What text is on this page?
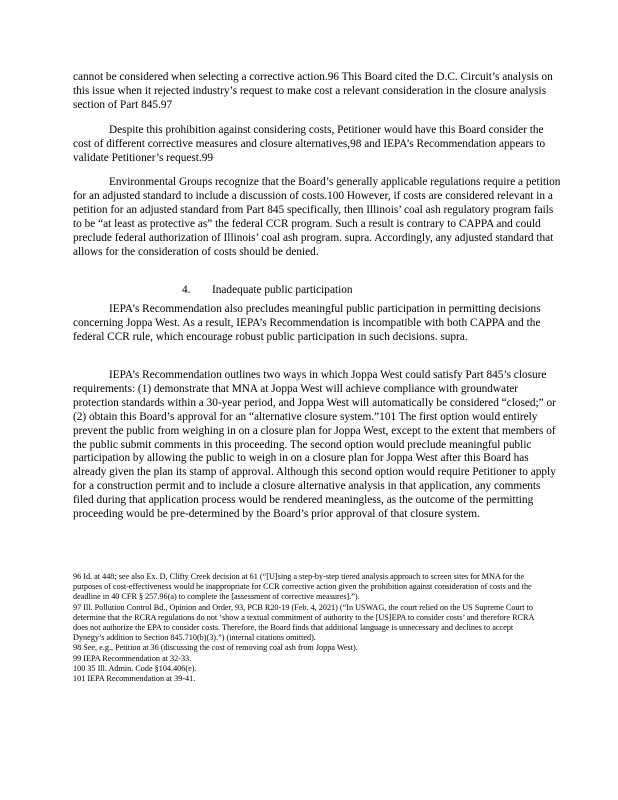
cannot be considered when selecting a corrective action.96 This Board cited the D.C. Circuit’s analysis on this issue when it rejected industry’s request to make cost a relevant consideration in the closure analysis section of Part 845.97

Despite this prohibition against considering costs, Petitioner would have this Board consider the cost of different corrective measures and closure alternatives,98 and IEPA’s Recommendation appears to validate Petitioner’s request.99

Environmental Groups recognize that the Board’s generally applicable regulations require a petition for an adjusted standard to include a discussion of costs.100 However, if costs are considered relevant in a petition for an adjusted standard from Part 845 specifically, then Illinois’ coal ash regulatory program fails to be “at least as protective as” the federal CCR program. Such a result is contrary to CAPPA and could preclude federal authorization of Illinois’ coal ash program. supra. Accordingly, any adjusted standard that allows for the consideration of costs should be denied.

4. Inadequate public participation

IEPA’s Recommendation also precludes meaningful public participation in permitting decisions concerning Joppa West. As a result, IEPA’s Recommendation is incompatible with both CAPPA and the federal CCR rule, which encourage robust public participation in such decisions. supra.

IEPA’s Recommendation outlines two ways in which Joppa West could satisfy Part 845’s closure requirements: (1) demonstrate that MNA at Joppa West will achieve compliance with groundwater protection standards within a 30-year period, and Joppa West will automatically be considered “closed;” or (2) obtain this Board’s approval for an “alternative closure system.”101 The first option would entirely prevent the public from weighing in on a closure plan for Joppa West, except to the extent that members of the public submit comments in this proceeding. The second option would preclude meaningful public participation by allowing the public to weigh in on a closure plan for Joppa West after this Board has already given the plan its stamp of approval. Although this second option would require Petitioner to apply for a construction permit and to include a closure alternative analysis in that application, any comments filed during that application process would be rendered meaningless, as the outcome of the permitting proceeding would be pre-determined by the Board’s prior approval of that closure system.

96 Id. at 448; see also Ex. D, Clifty Creek decision at 61 (“[U]sing a step-by-step tiered analysis approach to screen sites for MNA for the purposes of cost-effectiveness would be inappropriate for CCR corrective action given the prohibition against consideration of costs and the deadline in 40 CFR § 257.96(a) to complete the [assessment of corrective measures].”).

97 Ill. Pollution Control Bd., Opinion and Order, 93, PCB R20-19 (Feb. 4, 2021) (“In USWAG, the court relied on the US Supreme Court to determine that the RCRA regulations do not ‘show a textual commitment of authority to the [US]EPA to consider costs’ and therefore RCRA does not authorize the EPA to consider costs. Therefore, the Board finds that additional language is unnecessary and declines to accept Dynegy’s addition to Section 845.710(b)(3).”) (internal citations omitted).

98 See, e.g., Petition at 36 (discussing the cost of removing coal ash from Joppa West).

99 IEPA Recommendation at 32-33.

100 35 Ill. Admin. Code §104.406(e).

101 IEPA Recommendation at 39-41.
